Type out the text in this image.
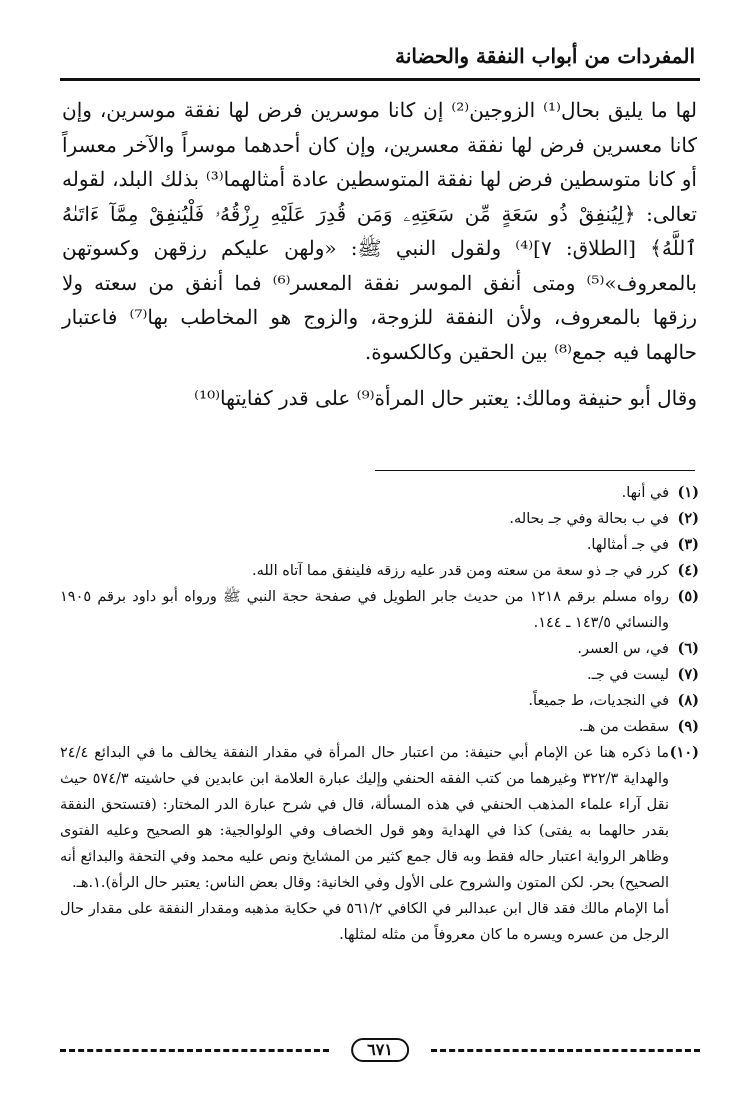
المفردات من أبواب النفقة والحضانة

لها ما يليق بحال⁽¹⁾ الزوجين⁽²⁾ إن كانا موسرين فرض لها نفقة موسرين، وإن كانا معسرين فرض لها نفقة معسرين، وإن كان أحدهما موسراً والآخر معسراً أو كانا متوسطين فرض لها نفقة المتوسطين عادة أمثالهما⁽³⁾ بذلك البلد، لقوله تعالى: ﴿لِيُنفِقْ ذُو سَعَةٍ مِّن سَعَتِهِۦ وَمَن قُدِرَ عَلَيْهِ رِزْقُهُۥ فَلْيُنفِقْ مِمَّآ ءَاتَىٰهُ ٱللَّهُ﴾ [الطلاق: ٧]⁽⁴⁾ ولقول النبي ﷺ: «ولهن عليكم رزقهن وكسوتهن بالمعروف»⁽⁵⁾ ومتى أنفق الموسر نفقة المعسر⁽⁶⁾ فما أنفق من سعته ولا رزقها بالمعروف، ولأن النفقة للزوجة، والزوج هو المخاطب بها⁽⁷⁾ فاعتبار حالهما فيه جمع⁽⁸⁾ بين الحقين وكالكسوة.

وقال أبو حنيفة ومالك: يعتبر حال المرأة⁽⁹⁾ على قدر كفايتها⁽¹⁰⁾

(١)
في أنها.
(٢)
في ب بحالة وفي جـ بحاله.
(٣)
في جـ أمثالها.
(٤)
كرر في جـ ذو سعة من سعته ومن قدر عليه رزقه فلينفق مما آتاه الله.
(٥)
رواه مسلم برقم ١٢١٨ من حديث جابر الطويل في صفحة حجة النبي ﷺ ورواه أبو داود برقم ١٩٠٥ والنسائي ١٤٣/٥ ـ ١٤٤.
(٦)
في، س العسر.
(٧)
ليست في جـ.
(٨)
في النجديات، ط جميعاً.
(٩)
سقطت من هـ.
(١٠)
ما ذكره هنا عن الإمام أبي حنيفة: من اعتبار حال المرأة في مقدار النفقة يخالف ما في البدائع ٢٤/٤ والهداية ٣٢٢/٣ وغيرهما من كتب الفقه الحنفي وإليك عبارة العلامة ابن عابدين في حاشيته ٥٧٤/٣ حيث نقل آراء علماء المذهب الحنفي في هذه المسألة، قال في شرح عبارة الدر المختار: (فتستحق النفقة بقدر حالهما به يفتى) كذا في الهداية وهو قول الخصاف وفي الولوالجية: هو الصحيح وعليه الفتوى وظاهر الرواية اعتبار حاله فقط وبه قال جمع كثير من المشايخ ونص عليه محمد وفي التحفة والبدائع أنه الصحيح) بحر. لكن المتون والشروح على الأول وفي الخانية: وقال بعض الناس: يعتبر حال الرأة).١.هـ.
أما الإمام مالك فقد قال ابن عبدالبر في الكافي ٥٦١/٢ في حكاية مذهبه ومقدار النفقة على مقدار حال الرجل من عسره ويسره ما كان معروفاً من مثله لمثلها.
٦٧١
